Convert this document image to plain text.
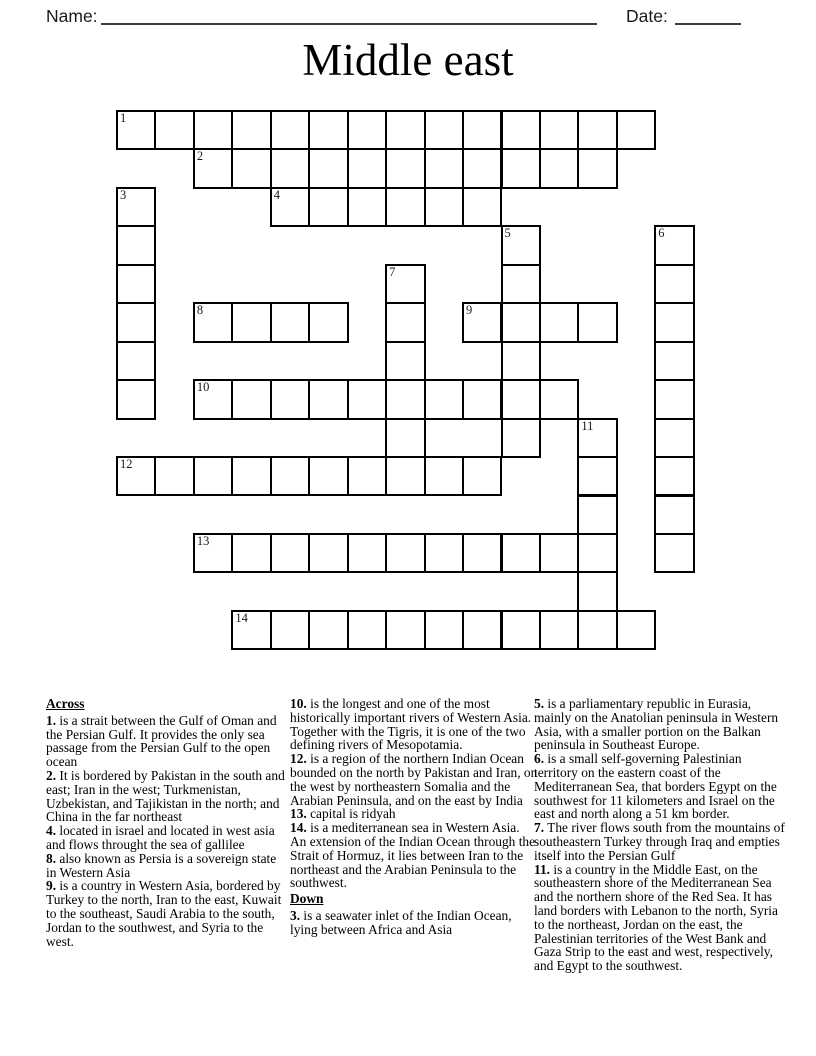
Name:	Date:
Middle east
1
2
3	4
5	6
7
8	9
10
11
12
13
14
Across
1. is a strait between the Gulf of Oman and the Persian Gulf. It provides the only sea passage from the Persian Gulf to the open ocean
2. It is bordered by Pakistan in the south and east; Iran in the west; Turkmenistan, Uzbekistan, and Tajikistan in the north; and China in the far northeast
4. located in israel and located in west asia and flows throught the sea of gallilee
8. also known as Persia is a sovereign state in Western Asia
9. is a country in Western Asia, bordered by Turkey to the north, Iran to the east, Kuwait to the southeast, Saudi Arabia to the south, Jordan to the southwest, and Syria to the west.
10. is the longest and one of the most historically important rivers of Western Asia. Together with the Tigris, it is one of the two defining rivers of Mesopotamia.
12. is a region of the northern Indian Ocean bounded on the north by Pakistan and Iran, on the west by northeastern Somalia and the Arabian Peninsula, and on the east by India
13. capital is ridyah
14. is a mediterranean sea in Western Asia. An extension of the Indian Ocean through the Strait of Hormuz, it lies between Iran to the northeast and the Arabian Peninsula to the southwest.
Down
3. is a seawater inlet of the Indian Ocean, lying between Africa and Asia
5. is a parliamentary republic in Eurasia, mainly on the Anatolian peninsula in Western Asia, with a smaller portion on the Balkan peninsula in Southeast Europe.
6. is a small self-governing Palestinian territory on the eastern coast of the Mediterranean Sea, that borders Egypt on the southwest for 11 kilometers and Israel on the east and north along a 51 km border.
7. The river flows south from the mountains of southeastern Turkey through Iraq and empties itself into the Persian Gulf
11. is a country in the Middle East, on the southeastern shore of the Mediterranean Sea and the northern shore of the Red Sea. It has land borders with Lebanon to the north, Syria to the northeast, Jordan on the east, the Palestinian territories of the West Bank and Gaza Strip to the east and west, respectively, and Egypt to the southwest.
